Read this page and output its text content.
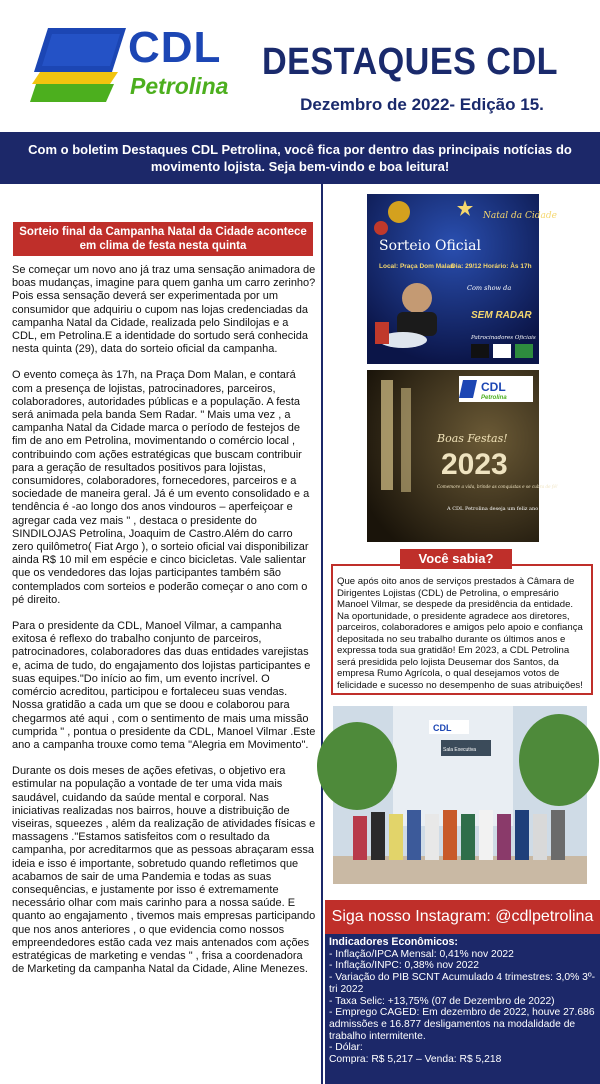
CDL
Petrolina
DESTAQUES CDL
Dezembro de 2022- Edição 15.
Com o boletim Destaques CDL Petrolina, você fica por dentro das principais notícias do movimento lojista. Seja bem-vindo e boa leitura!
Sorteio final da Campanha Natal da Cidade acontece em clima de festa nesta quinta

Se começar um novo ano já traz uma sensação animadora de boas mudanças, imagine para quem ganha um carro zerinho? Pois essa sensação deverá ser experimentada por um consumidor que adquiriu o cupom nas lojas credenciadas da campanha Natal da Cidade, realizada pelo Sindilojas e a CDL, em Petrolina.E a identidade do sortudo será conhecida nesta quinta (29), data do sorteio oficial da campanha.

O evento começa às 17h, na Praça Dom Malan, e contará com a presença de lojistas, patrocinadores, parceiros, colaboradores, autoridades públicas e a população. A festa será animada pela banda Sem Radar. " Mais uma vez , a campanha Natal da Cidade marca o período de festejos de fim de ano em Petrolina, movimentando o comércio local , contribuindo com ações estratégicas que buscam contribuir para a geração de resultados positivos para lojistas, consumidores, colaboradores, fornecedores, parceiros e a sociedade de maneira geral. Já é um evento consolidado e a tendência é -ao longo dos anos vindouros – aperfeiçoar e agregar cada vez mais " , destaca o presidente do SINDILOJAS Petrolina, Joaquim de Castro.Além do carro zero quilômetro( Fiat Argo ), o sorteio oficial vai disponibilizar ainda R$ 10 mil em espécie e cinco bicicletas. Vale salientar que os vendedores das lojas participantes também são contemplados com sorteios e poderão começar o ano com o pé direito.

Para o presidente da CDL, Manoel Vilmar, a campanha exitosa é reflexo do trabalho conjunto de parceiros, patrocinadores, colaboradores das duas entidades varejistas e, acima de tudo, do engajamento dos lojistas participantes e suas equipes."Do início ao fim, um evento incrível. O comércio acreditou, participou e fortaleceu suas vendas. Nossa gratidão a cada um que se doou e colaborou para chegarmos até aqui , com o sentimento de mais uma missão cumprida " , pontua o presidente da CDL, Manoel Vilmar .Este ano a campanha trouxe como tema "Alegria em Movimento".

Durante os dois meses de ações efetivas, o objetivo era estimular na população a vontade de ter uma vida mais saudável, cuidando da saúde mental e corporal. Nas iniciativas realizadas nos bairros, houve a distribuição de viseiras, squeezes , além da realização de atividades físicas e massagens ."Estamos satisfeitos com o resultado da campanha, por acreditarmos que as pessoas abraçaram essa ideia e isso é importante, sobretudo quando refletimos que acabamos de sair de uma Pandemia e todas as suas consequências, e justamente por isso é extremamente necessário olhar com mais carinho para a nossa saúde. E quanto ao engajamento , tivemos mais empresas participando que nos anos anteriores , o que evidencia como nossos empreendedores estão cada vez mais antenados com ações estratégicas de marketing e vendas " , frisa a coordenadora de Marketing da campanha Natal da Cidade, Aline Menezes.

Natal da Cidade
Sorteio Oficial
Local: Praça Dom Malan
Dia: 29/12 Horário: Às 17h
Com show da
SEM RADAR
Patrocinadores Oficiais
CDL
Petrolina
Boas Festas!
2023
Comemore a vida, brinde as conquistas e se cubra de fé!
A CDL Petrolina deseja um feliz ano novo.
Que após oito anos de serviços prestados à Câmara de Dirigentes Lojistas (CDL) de Petrolina, o empresário Manoel Vilmar, se despede da presidência da entidade. Na oportunidade, o presidente agradece aos diretores, parceiros, colaboradores e amigos pelo apoio e confiança depositada no seu trabalho durante os últimos anos e expressa toda sua gratidão! Em 2023, a CDL Petrolina será presidida pelo lojista Deusemar dos Santos, da empresa Rumo Agrícola, o qual desejamos votos de felicidade e sucesso no desempenho de suas atribuições!
Você sabia?
CDL
Sala Executiva
Siga nosso Instagram: @cdlpetrolina
Indicadores Econômicos:
- Inflação/IPCA Mensal: 0,41% nov 2022
- Inflação/INPC: 0,38% nov 2022
- Variação do PIB SCNT Acumulado 4 trimestres: 3,0% 3º- tri 2022
- Taxa Selic: +13,75% (07 de Dezembro de 2022)
- Emprego CAGED: Em dezembro de 2022, houve 27.686 admissões e 16.877 desligamentos na modalidade de trabalho intermitente.
- Dólar:
Compra: R$ 5,217 – Venda: R$ 5,218
